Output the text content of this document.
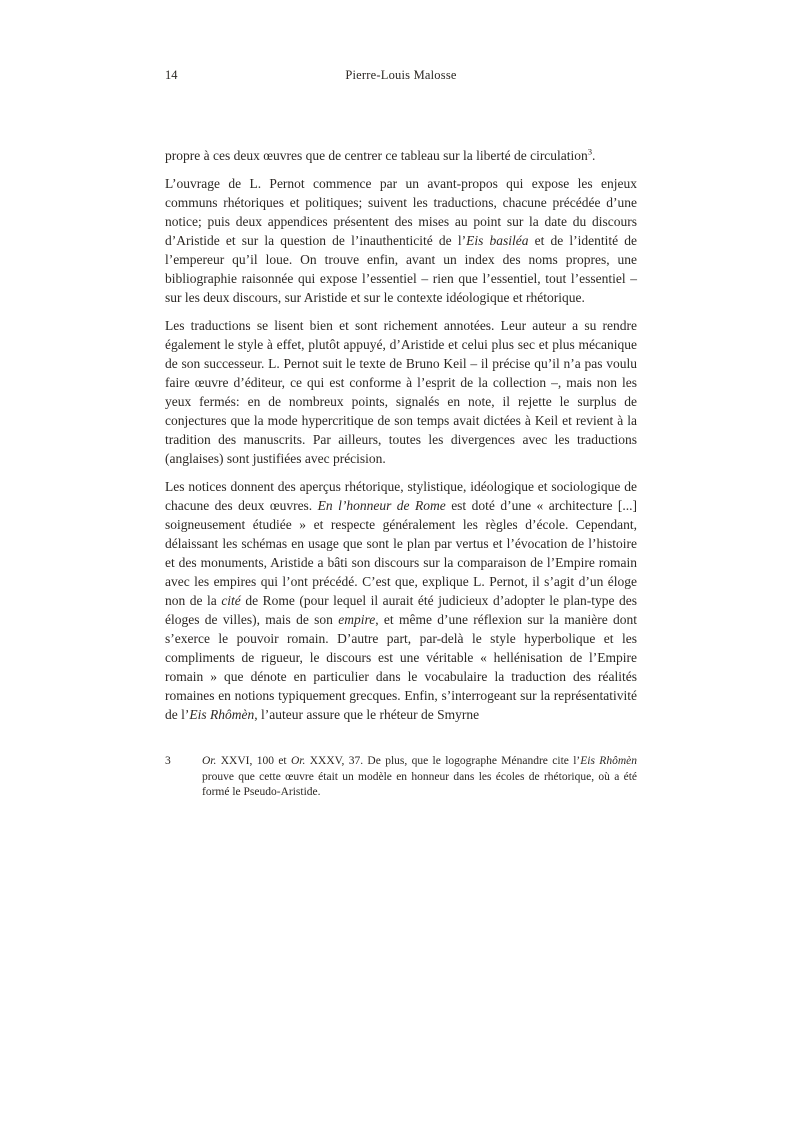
14	Pierre-Louis Malosse

propre à ces deux œuvres que de centrer ce tableau sur la liberté de circulation$^3$.

L’ouvrage de L. Pernot commence par un avant-propos qui expose les enjeux communs rhétoriques et politiques; suivent les traductions, chacune précédée d’une notice; puis deux appendices présentent des mises au point sur la date du discours d’Aristide et sur la question de l’inauthenticité de l’Eis basiléa et de l’identité de l’empereur qu’il loue. On trouve enfin, avant un index des noms propres, une bibliographie raisonnée qui expose l’essentiel – rien que l’essentiel, tout l’essentiel – sur les deux discours, sur Aristide et sur le contexte idéologique et rhétorique.

Les traductions se lisent bien et sont richement annotées. Leur auteur a su rendre également le style à effet, plutôt appuyé, d’Aristide et celui plus sec et plus mécanique de son successeur. L. Pernot suit le texte de Bruno Keil – il précise qu’il n’a pas voulu faire œuvre d’éditeur, ce qui est conforme à l’esprit de la collection –, mais non les yeux fermés: en de nombreux points, signalés en note, il rejette le surplus de conjectures que la mode hypercritique de son temps avait dictées à Keil et revient à la tradition des manuscrits. Par ailleurs, toutes les divergences avec les traductions (anglaises) sont justifiées avec précision.

Les notices donnent des aperçus rhétorique, stylistique, idéologique et sociologique de chacune des deux œuvres. En l’honneur de Rome est doté d’une « architecture [...] soigneusement étudiée » et respecte généralement les règles d’école. Cependant, délaissant les schémas en usage que sont le plan par vertus et l’évocation de l’histoire et des monuments, Aristide a bâti son discours sur la comparaison de l’Empire romain avec les empires qui l’ont précédé. C’est que, explique L. Pernot, il s’agit d’un éloge non de la cité de Rome (pour lequel il aurait été judicieux d’adopter le plan-type des éloges de villes), mais de son empire, et même d’une réflexion sur la manière dont s’exerce le pouvoir romain. D’autre part, par-delà le style hyperbolique et les compliments de rigueur, le discours est une véritable « hellénisation de l’Empire romain » que dénote en particulier dans le vocabulaire la traduction des réalités romaines en notions typiquement grecques. Enfin, s’interrogeant sur la représentativité de l’Eis Rhômèn, l’auteur assure que le rhéteur de Smyrne

3	Or. XXVI, 100 et Or. XXXV, 37. De plus, que le logographe Ménandre cite l’Eis Rhômèn prouve que cette œuvre était un modèle en honneur dans les écoles de rhétorique, où a été formé le Pseudo-Aristide.
